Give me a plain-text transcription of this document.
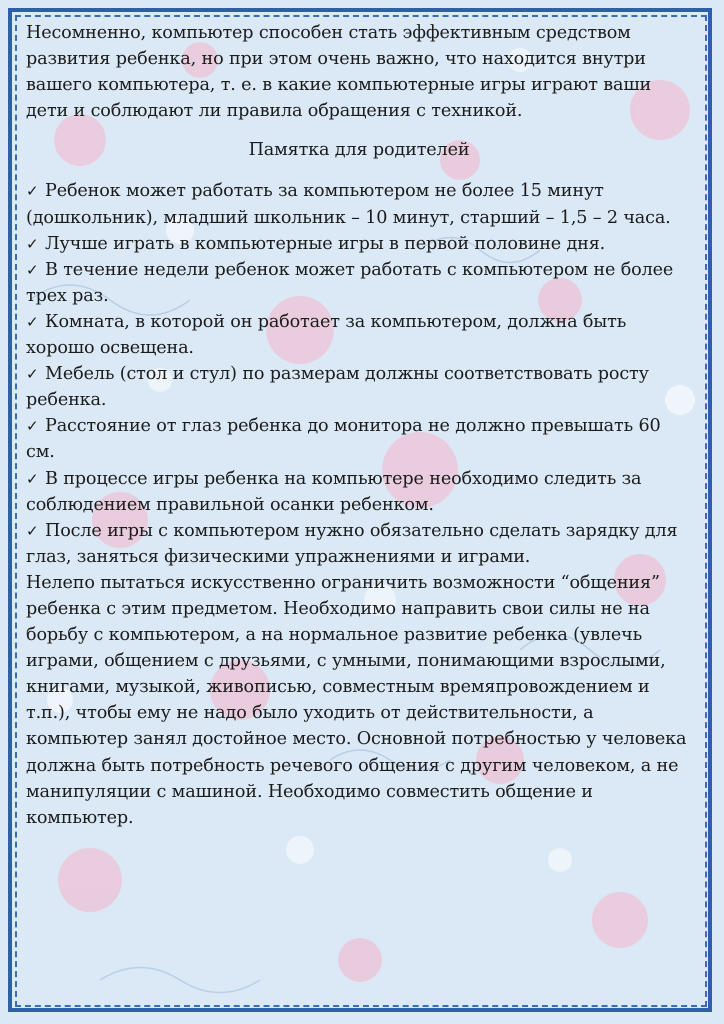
Несомненно, компьютер способен стать эффективным средством развития ребенка, но при этом очень важно, что находится внутри вашего компьютера, т. е. в какие компьютерные игры играют ваши дети и соблюдают ли правила обращения с техникой.

Памятка для родителей

✓ Ребенок может работать за компьютером не более 15 минут (дошкольник), младший школьник – 10 минут, старший – 1,5 – 2 часа.

✓ Лучше играть в компьютерные игры в первой половине дня.

✓ В течение недели ребенок может работать с компьютером не более трех раз.

✓ Комната, в которой он работает за компьютером, должна быть хорошо освещена.

✓ Мебель (стол и стул) по размерам должны соответствовать росту ребенка.

✓ Расстояние от глаз ребенка до монитора не должно превышать 60 см.

✓ В процессе игры ребенка на компьютере необходимо следить за соблюдением правильной осанки ребенком.

✓ После игры с компьютером нужно обязательно сделать зарядку для глаз, заняться физическими упражнениями и играми.

Нелепо пытаться искусственно ограничить возможности “общения” ребенка с этим предметом. Необходимо направить свои силы не на борьбу с компьютером, а на нормальное развитие ребенка (увлечь играми, общением с друзьями, с умными, понимающими взрослыми, книгами, музыкой, живописью, совместным времяпровождением и т.п.), чтобы ему не надо было уходить от действительности, а компьютер занял достойное место. Основной потребностью у человека должна быть потребность речевого общения с другим человеком, а не манипуляции с машиной. Необходимо совместить общение и компьютер.
